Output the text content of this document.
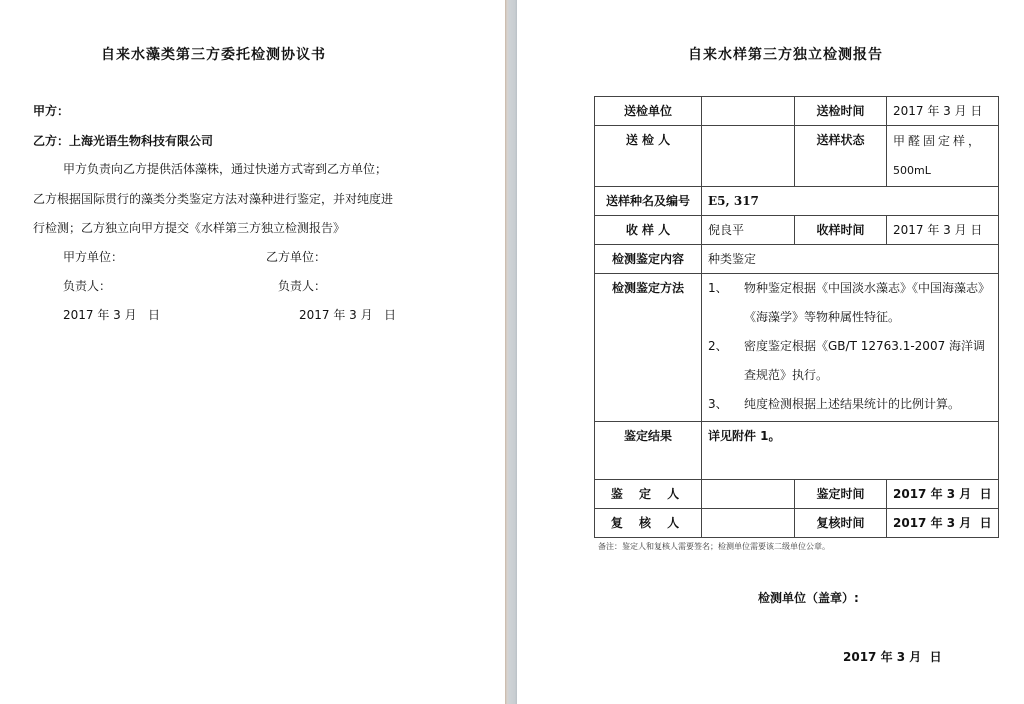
自来水藻类第三方委托检测协议书
甲方：
乙方：上海光语生物科技有限公司
甲方负责向乙方提供活体藻株，通过快递方式寄到乙方单位；
乙方根据国际贯行的藻类分类鉴定方法对藻种进行鉴定，并对纯度进
行检测；乙方独立向甲方提交《水样第三方独立检测报告》
甲方单位：	乙方单位：
负责人：	负责人：
2017 年 3 月   日	2017 年 3 月   日
自来水样第三方独立检测报告
送检单位		送检时间	2017 年 3 月 日
送 检 人		送样状态	甲醛固定样，
500mL

送样种名及编号	E5, 317		
收 样 人	倪良平	收样时间	2017 年 3 月 日
检测鉴定内容	种类鉴定		
检测鉴定方法	1、	物种鉴定根据《中国淡水藻志》《中国海藻志》《海藻学》等物种属性特征。
2、	密度鉴定根据《GB/T 12763.1-2007 海洋调查规范》执行。
3、	纯度检测根据上述结果统计的比例计算。

鉴定结果	详见附件 1。		
鉴 定 人		鉴定时间	2017 年 3 月  日
复 核 人		复核时间	2017 年 3 月  日
备注：鉴定人和复核人需要签名；检测单位需要该二级单位公章。
检测单位（盖章）:
2017 年 3 月  日
